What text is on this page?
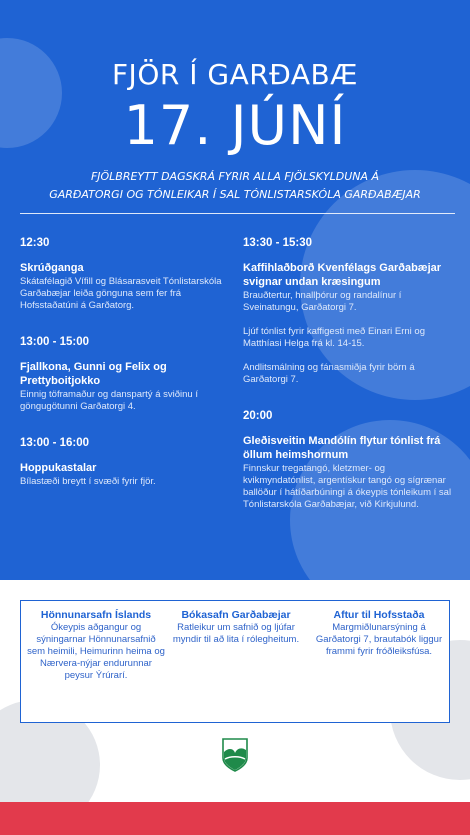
FJÖR Í GARÐABÆ
17. JÚNÍ
FJÖLBREYTT DAGSKRÁ FYRIR ALLA FJÖLSKYLDUNA Á
GARÐATORGI OG TÓNLEIKAR Í SAL TÓNLISTARSKÓLA GARÐABÆJAR
12:30
Skrúðganga
Skátafélagið Vífill og Blásarasveit Tónlistarskóla Garðabæjar leiða gönguna sem fer frá Hofsstaðatúni á Garðatorg.
13:00 - 15:00
Fjallkona, Gunni og Felix og Prettyboitjokko
Einnig töframaður og danspartý á sviðinu í göngugötunni Garðatorgi 4.
13:00 - 16:00
Hoppukastalar
Bílastæði breytt í svæði fyrir fjör.
13:30 - 15:30
Kaffihlaðborð Kvenfélags Garðabæjar svignar undan kræsingum
Brauðtertur, hnallþórur og randalínur í Sveinatungu, Garðatorgi 7.
Ljúf tónlist fyrir kaffigesti með Einari Erni og Matthíasi Helga frá kl. 14-15.
Andlitsmálning og fánasmiðja fyrir börn á Garðatorgi 7.
20:00
Gleðisveitin Mandólín flytur tónlist frá öllum heimshornum
Finnskur tregatangó, kletzmer- og kvikmyndatónlist, argentískur tangó og sígrænar ballöður í hátíðarbúningi á ókeypis tónleikum í sal Tónlistarskóla Garðabæjar, við Kirkjulund.
Hönnunarsafn Íslands
Ókeypis aðgangur og sýningarnar Hönnunarsafnið sem heimili, Heimurinn heima og Nærvera-nýjar endurunnar peysur Ýrúrarí.
Bókasafn Garðabæjar
Ratleikur um safnið og ljúfar myndir til að lita í rólegheitum.
Aftur til Hofsstaða
Margmiðlunarsýning á Garðatorgi 7, brautabók liggur frammi fyrir fróðleiksfúsa.
